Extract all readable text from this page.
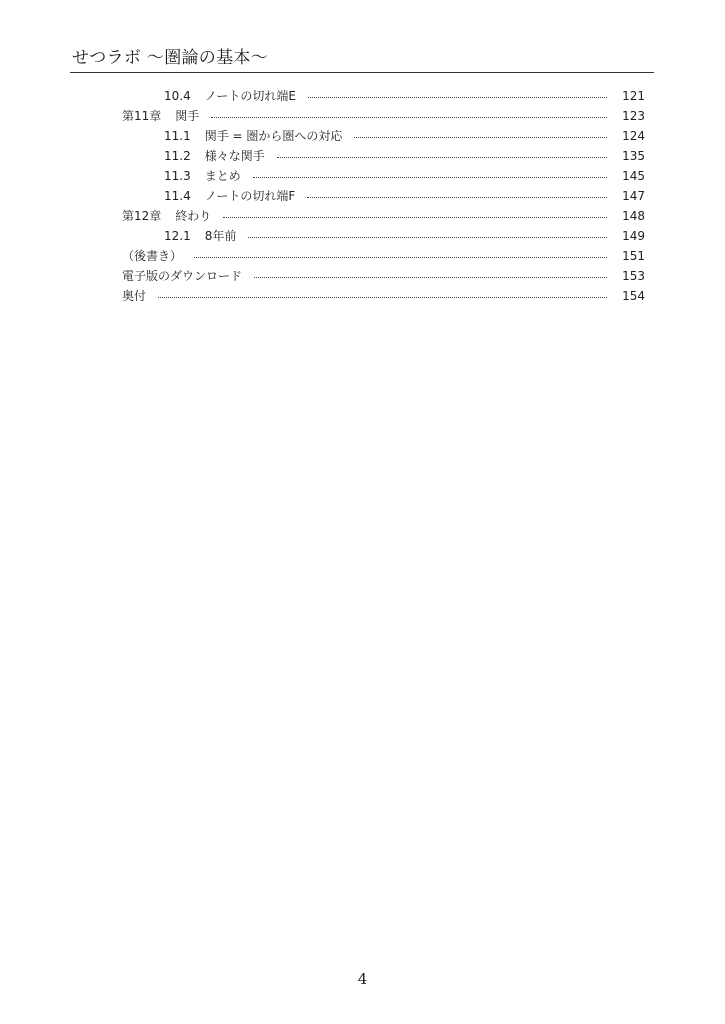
せつラボ 〜圏論の基本〜
10.4 ノートの切れ端E	121
第11章 関手	123
11.1 関手 = 圏から圏への対応	124
11.2 様々な関手	135
11.3 まとめ	145
11.4 ノートの切れ端F	147
第12章 終わり	148
12.1 8年前	149
（後書き）	151
電子版のダウンロード	153
奥付	154
4
